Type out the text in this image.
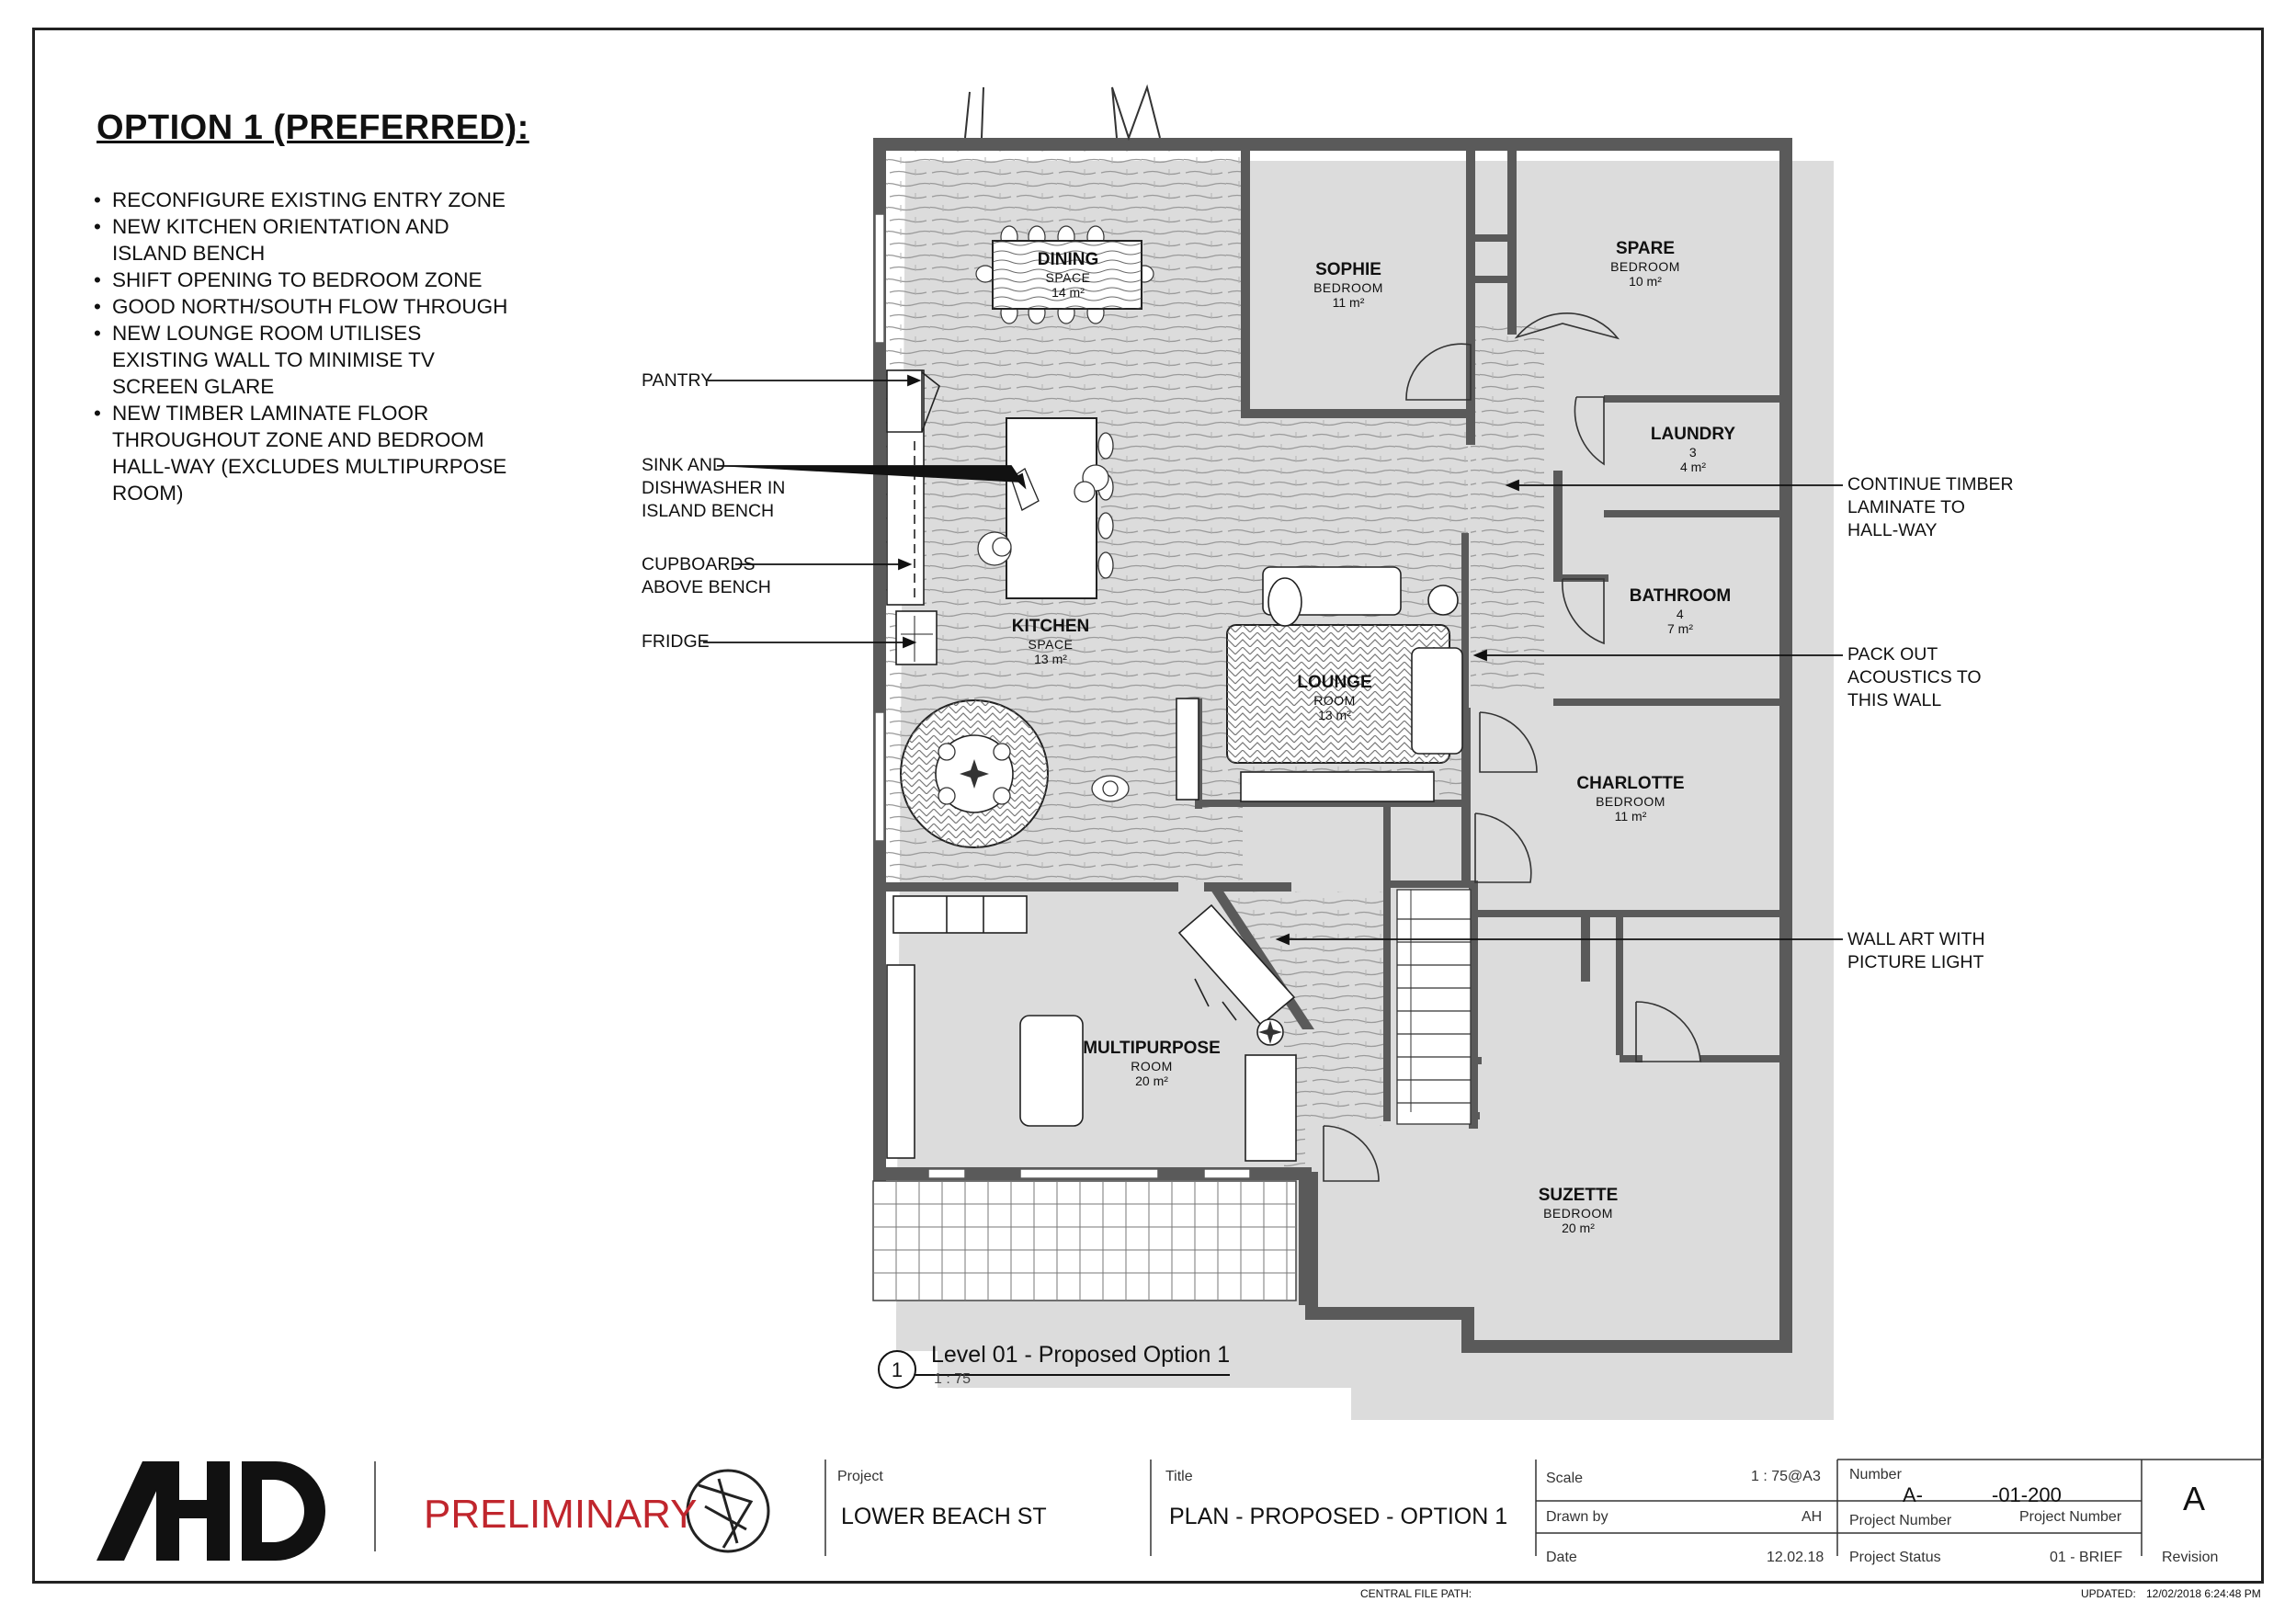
OPTION 1 (PREFERRED):
• RECONFIGURE EXISTING ENTRY ZONE
• NEW KITCHEN ORIENTATION AND ISLAND BENCH
• SHIFT OPENING TO BEDROOM ZONE
• GOOD NORTH/SOUTH FLOW THROUGH
• NEW LOUNGE ROOM UTILISES EXISTING WALL TO MINIMISE TV SCREEN GLARE
• NEW TIMBER LAMINATE FLOOR THROUGHOUT ZONE AND BEDROOM HALL-WAY (EXCLUDES MULTIPURPOSE ROOM)
PANTRY
SINK AND
DISHWASHER IN
ISLAND BENCH
CUPBOARDS
ABOVE BENCH
FRIDGE
CONTINUE TIMBER
LAMINATE TO
HALL-WAY
PACK OUT
ACOUSTICS TO
THIS WALL
WALL ART WITH
PICTURE LIGHT
DINING
SPACE
14 m²
SOPHIE
BEDROOM
11 m²
SPARE
BEDROOM
10 m²
LAUNDRY
3
4 m²
BATHROOM
4
7 m²
KITCHEN
SPACE
13 m²
LOUNGE
ROOM
13 m²
CHARLOTTE
BEDROOM
11 m²
MULTIPURPOSE
ROOM
20 m²
SUZETTE
BEDROOM
20 m²
1
Level 01 - Proposed Option 1
1 : 75
PRELIMINARY
Project
LOWER BEACH ST
Title
PLAN - PROPOSED - OPTION 1
Scale	1 : 75@A3
Drawn by	AH
Date	12.02.18
Number
A-	-01-200
Project Number	Project Number
Project Status	01 - BRIEF
A
Revision
CENTRAL FILE PATH:	UPDATED: 12/02/2018 6:24:48 PM
